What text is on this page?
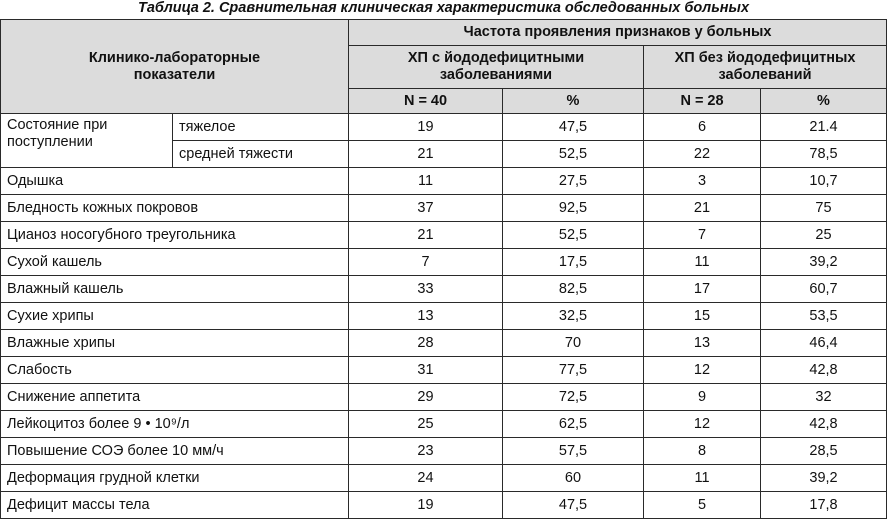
Таблица 2. Сравнительная клиническая характеристика обследованных больных
Клинико-лабораторные показатели		Частота проявления признаков у больных			

		ХП с йододефицитными заболеваниями		ХП без йододефицитных заболеваний	

		N = 40	%	N = 28	%

Состояние при поступлении	тяжелое	19	47,5	6	21.4
	средней тяжести	21	52,5	22	78,5
Одышка		11	27,5	3	10,7
Бледность кожных покровов		37	92,5	21	75
Цианоз носогубного треугольника		21	52,5	7	25
Сухой кашель		7	17,5	11	39,2
Влажный кашель		33	82,5	17	60,7
Сухие хрипы		13	32,5	15	53,5
Влажные хрипы		28	70	13	46,4
Слабость		31	77,5	12	42,8
Снижение аппетита		29	72,5	9	32
Лейкоцитоз более 9 • 10⁹/л		25	62,5	12	42,8
Повышение СОЭ более 10 мм/ч		23	57,5	8	28,5
Деформация грудной клетки		24	60	11	39,2
Дефицит массы тела		19	47,5	5	17,8
